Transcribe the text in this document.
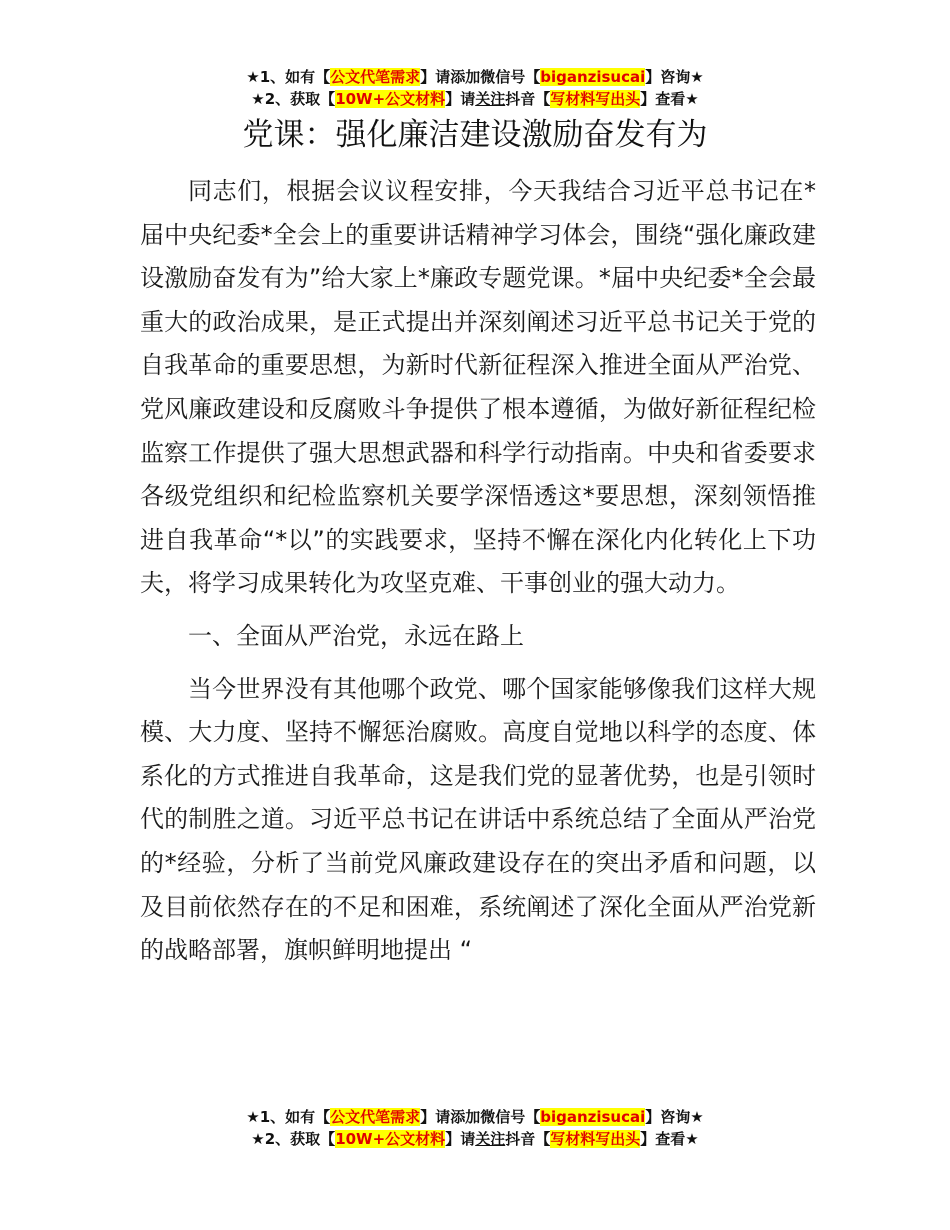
★1、如有【公文代笔需求】请添加微信号【biganzisucai】咨询★
★2、获取【10W+公文材料】请关注抖音【写材料写出头】查看★
党课：强化廉洁建设激励奋发有为

同志们，根据会议议程安排，今天我结合习近平总书记在*届中央纪委*全会上的重要讲话精神学习体会，围绕“强化廉政建设激励奋发有为”给大家上*廉政专题党课。*届中央纪委*全会最重大的政治成果，是正式提出并深刻阐述习近平总书记关于党的自我革命的重要思想，为新时代新征程深入推进全面从严治党、党风廉政建设和反腐败斗争提供了根本遵循，为做好新征程纪检监察工作提供了强大思想武器和科学行动指南。中央和省委要求各级党组织和纪检监察机关要学深悟透这*要思想，深刻领悟推进自我革命“*以”的实践要求，坚持不懈在深化内化转化上下功夫，将学习成果转化为攻坚克难、干事创业的强大动力。

一、全面从严治党，永远在路上

当今世界没有其他哪个政党、哪个国家能够像我们这样大规模、大力度、坚持不懈惩治腐败。高度自觉地以科学的态度、体系化的方式推进自我革命，这是我们党的显著优势，也是引领时代的制胜之道。习近平总书记在讲话中系统总结了全面从严治党的*经验，分析了当前党风廉政建设存在的突出矛盾和问题，以及目前依然存在的不足和困难，系统阐述了深化全面从严治党新的战略部署，旗帜鲜明地提出 “

★1、如有【公文代笔需求】请添加微信号【biganzisucai】咨询★
★2、获取【10W+公文材料】请关注抖音【写材料写出头】查看★
